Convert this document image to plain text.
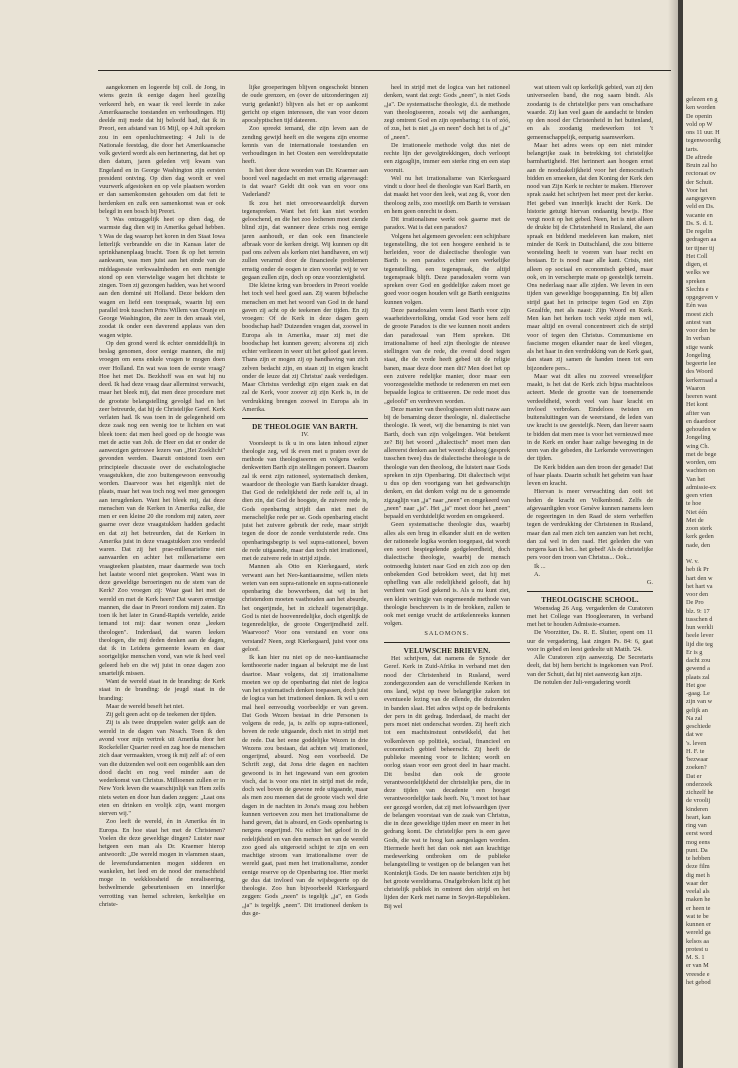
aangekomen en logeerde bij coll. de Jong, in wiens gezin ik eenige dagen heel gezellig verkeerd heb, en waar ik veel leerde in zake Amerikaansche toestanden en verhoudingen. Hij deelde mij mede dat hij beloofd had, dat ik in Preori, een afstand van 16 Mijl, op 4 Juli spreken zou in een openluchtmeeting: 4 Juli is de Nationale feestdag, die door het Amerikaansche volk gevierd wordt als een herinnering, dat het op dien datum, jaren geleden vrij kwam van Engeland en in George Washington zijn eersten president ontving. Op dien dag wordt er veel vuurwerk afgestoken en op vele plaatsen worden er dan samenkomsten gehouden om dat feit te herdenken en zulk een samenkomst was er ook belegd in een bosch bij Preori.

't Was ontzaggelijk heet op dien dag, de warmste dag dien wij in Amerika gehad hebben. 't Was de dag waarop het koren in den Staat Iowa letterlijk verbrandde en die in Kansas later de sprinkhanenplaag bracht. Toen ik op het terrein aankwam, was men juist aan het einde van de middagsessie verkwaalmheden en een menigte stond op een vierwielige wagen het dichtste te zingen. Toen zij gezongen hadden, was het woord aan den dominé uit Holland. Deze bekken den wagen en liefd een toespraak, waarin hij een parallel trok tusschen Prins Willem van Oranje en George Washington, die zeer in den smaak viel, zoodat ik onder een daverend applaus van den wagen wipte.

Op den grond werd ik echter onmiddellijk in beslag genomen, door eenige mannen, die mij vroegen om eens enkele vragen te mogen doen over Holland. En wat was toen de eerste vraag? Hoe het met Ds. Bezkhoff was en wat hij nu deed. Ik had deze vraag daar allerminst verwacht, maar het bleek mij, dat men deze procedure met de grootste belangstelling gevolgd had en het zeer betreurde, dat hij de Christelijke Geref. Kerk verlaten had. Ik was toen in de gelegenheid om deze zaak nog een wenig toe te lichten en wat bleek toen: dat men heel goed op de hoogte was met de actie van Joh. de Heer en dat er onder de aanwezigen getrouwe lezers van „Het Zoeklicht" gevonden werden. Daaruit ontstond toen een principieele discussie over de eschatologische vraagstukken, die zoo buitengewoon eenvoudig worden. Daarvoor was het eigenlijk niet de plaats, maar het was toch nog wel mee genoegen aan terugdenken. Want het bleek mij, dat deze menschen van de Kerken in Amerika zulke, die men er een kleine 20 die rondom mij zaten, zeer gaarne over deze vraagstukken hadden gedacht en dat zij het betreurden, dat de Kerken in Amerika juist in deze vraagstukken zoo verdeeld waren. Dat zij het prae-millenaristine niet aanvaarden en achter het millenarisme een vraagteeken plaatsten, maar daarmede was toch het laatste woord niet gesproken. Want was in deze geweldige beroeringen nu de stem van de Kerk? Zoo vroegen zij: Waar gaat het met de wereld en met de Kerk heen? Dat waren ernstige mannen, die daar in Preori rondom mij zaten. En toen ik het later in Grand-Rapids vertelde, zeide iemand tot mij: daar wonen onze „leeken theologen". Inderdaad, dat waren leeken theologen, die mij deden denken aan de dagen, dat ik in Leidens gemeente kwam en daar soortgelijke menschen vond, van wie ik heel veel geleerd heb en die wij juist in onze dagen zoo smartelijk missen.

Want de wereld staat in de branding: de Kerk staat in de branding: de jeugd staat in de branding:

Maar de wereld beseft het niet.

Zij gelt geen acht op de teekenen der tijden.

Zij is als twee druppelen water gelijk aan de wereld in de dagen van Noach. Toen ik den avond voor mijn vertrek uit Amerika door het Rockefeller Quarter reed en zag hoe de menschen zich daar vermaakten, vroeg ik mij zelf af: of een van die duizenden wel ooit een oogenblik aan den dood dacht en nog veel minder aan de wederkomst van Christus. Millioenen zullen er in New York leven die waarschijnlijk van Hem zelfs niets weten en door hun daden zeggen: „Laat ons eten en drinken en vrolijk zijn, want morgen sterven wij."

Zoo leeft de wereld, én in Amerika én in Europa. En hoe staat het met de Christenen? Voelen die deze geweldige dingen? Luister naar hetgeen een man als Dr. Kraemer hierop antwoordt: „De wereld mogen in vlammen staan, de levensfundamenten mogen sidderen en wankelen, het leed en de nood der menschheid moge in wekkloosheid de noraliseering, bedwelmende gebeurtenissen en innerlijke verrotting van hemel schreien, kerkelijke en christe-

lijke groeperingen blijven ongeschokt binnen de oude grenzen, en (over de uitzonderingen zij vurig gedankt!) blijven als het er op aankomt gericht op eigen interessen, die van voor dezen apocalyptischen tijd dateeren.

Zoo spreekt iemand, die zijn leven aan de zending gewijd heeft en die wegens zijn enorme kennis van de internationale toestanden en verhoudingen in het Oosten een wereldreputatie heeft.

Is het door deze woorden van Dr. Kraemer aan boord veel nagedacht en met ernstig afgevraagd: is dat waar? Geldt dit ook van en voor ons Vaderland?

Ik zou het niet onvoorwaardelijk durven tegenspreken. Want het feit kan niet worden geloochend, en die het zoo lochenen moet ziende blind zijn, dat wanneer deze crisis nog eenige jaren aanhoudt, er dan ook een financieele afbraak voor de kerken dreigt. Wij kunnen op dit pad ons zelven als kerken niet handhaven, en wij zullen verarmd door de financieele problemen ernstig onder de oogen te zien voordat wij te ver gegaan zullen zijn, doch op onze voorzienigheid.

Die kleine kring van broeders in Preori voelde het toch wel heel goed aan. Zij waren bijbelsche menschen en met het woord van God in de hand gaven zij acht op de teekenen der tijden. En zij vroegen: Of de Kerk in deze dagen geen boodschap had? Duizenden vragen dat, zoowel in Europa als in Amerika, maar zij met die boodschap het kunnen geven; alvorens zij zich echter verliezen in weer uit het geloof gaat leven. Thans zijn er mogen zij op handhaving van zich zelven bedacht zijn, en staan zij in eigen kracht onder de leuze dat zij Christus' zaak verdedigen. Maar Christus verdedigt zijn eigen zaak en dat zal de Kerk, voor zoover zij zijn Kerk is, in de verdrukking brengen zoowel in Europa als in Amerika.

DE THEOLOGIE VAN BARTH.

IV.

Voorsleept is ik u in ons laten inhoud zijner theologie zeg, wil ik even met u praten over de methode van theologiseeren en volgens welke denkwetten Barth zijn stellingen poneert. Daarom zal ik eerst zijn rationeel, systematisch denken, waardoor de theologie van Barth karakter draagt. Dat God de redelijkheid der rede zelf is, al in dien zin, dat God de hoogste, de zuivere rede is, Gods openbaring strijdt dan niet met de menschelijke rede per se. Gods openbaring eischt juist het zuivere gebruik der rede, maar strijdt tegen de door de zonde verduisterde rede. Ons openbaringsbegrip is wel supra-rationeel, boven de rede uitgaande, maar dan toch niet irrationeel, met de zuivere rede in strijd zijnde.

Mannen als Otto en Kierkegaard, sterk verwant aan het Neo-kantiaansime, willen niets weten van een supra-rationele en supra-rationeele openbaring die bowverbeen, dat wij in het christendom moeten vasthouden aan het absurde, het ongerijmde, het in zichzelf tegenstrijdige. God is niet de hoovenredelijke, doch eigenlijk de tegenredelijke, de groote Ongerijmdheid zelf. Waarvoor? Voor ons verstand en voor ons verstand? Neen, zegt Kierkegaard, juist voor ons geloof.

Ik kan hier nu niet op de neo-kantiaansche kenthoeorie nader ingaan al bekruipt me de lust daartoe. Maar volgens, dat zij irrationalisme moeten we op de openbaring dat niet de logica van het systematisch denken toepassen, doch juist de logica van het irrationeel denken. Ik wil u een mal heel eenvoudig voorbeeldje er van geven. Dat Gods Wezen bestaat in drie Personen is volgens de rede, ja, is zelfs op supra-rationeel, boven de rede uitgaande, doch niet in strijd met de rede. Dat het eene goddelijke Wezen in drie Wezens zou bestaan, dat achten wij irrationeel, ongerijmd, absurd. Nog een voorbeeld. De Schrift zegt, dat Jona drie dagen en nachten gewoond is in het ingewand van een grooten visch, dat is voor ons niet in strijd met de rede, doch wel boven de gewone rede uitgaande, maar als men zou meenen dat de groote visch wel drie dagen in de nachten in Jona's maag zou hebben kunnen vertoeven zou men het irrationalisme de hand geven, dat is absurd, en Gods openbaring is nergens ongerijmd. Nu echter het geloof in de redelijkheid en van den mensch en van de wereld zoo goed als uitgeroeid schijnt te zijn en een machtige stroom van irrationalisme over de wereld gaat, past men het irrationalisme, zonder eenige reserve op de Openbaring toe. Hier merkt ge dus dat invloed van de wijsbegeerte op de theologie. Zoo hun bijvoorbeeld Kierkegaard zeggen: Gods „neen" is tegelijk „ja", en Gods „ja" is tegelijk „neen". Dit irrationeel denken is dus ge-

heel in strijd met de logica van het rationeel denken, want dat zegt: Gods „neen", is niet Gods „ja". De systematische theologie, d.i. de methode van theologiseeren, zooals wij die aanhangen, zegt omtrent God en zijn openbaring: t is of zóó, of zus, het is niet „ja en neen" doch het is of „ja" of „neen".

De irrationeele methode volgt dus niet de rechte lijn der gevolgtrekkingen, doch verloopt een zigzaglijn, immer een sterke ring en een stap vooruit.

Wel nu het irrationalisme van Kierkegaard vindt u door heel de theologie van Karl Barth, en dat maakt het voor den leek, wat zeg ik, voor den theoloog zelfs, zoo moeilijk om Barth te verstaan en hem geen onrecht te doen.

Dit irrationalisme werkt ook gaarne met de paradox. Wat is dat een paradox?

Volgens het algemeen gevoelen: een schijnbare tegenstelling, die tot een hoogere eenheid is te herleiden, voor de dialectische theologie van Barth is een paradox echter een werkelijke tegenstelling, een tegenspraak, die altijd tegenspraak blijft. Deze paradoxalen vorm van spreken over God en goddelijke zaken moet ge goed voor oogen houden wilt ge Barth eenigszins kunnen volgen.

Deze paradoxalen vorm leest Barth voor zijn waarheidsvertolking, omdat God voor hem zelf de groote Paradox is die we kunnen nooit anders dan paradoxaal van Hem spreken. Dit irrationalisme of heel zijn theologie de nieuwe stellingen van de rede, die overal dood tegen staat, die de vrede heeft gebed uit de religie banen, maar deze door men dit? Men doet het op een zuivere redelijke manier, door maar een voorzegesteldie methode te redeneren en met een bepaalde logica te critiseeren. De rede moet dus „geloofd" en verdreven worden.

Deze manier van theologiseeren sluit nauw aan bij de benaming dezer theologie, nl. dialectische theologie. Ik weet, wij die benaming is niet van Barth, doch van zijn volgelingen. Wat betekent ze? Bij het woord „dialectisch" moet men dan allereerst denken aan het woord: dialoog (gesprek tusschen twee) dus de dialectische theologie is de theologie van den theoloog, die luistert naar Gods spreken in zijn Openbaring. Dit dialectisch wijst u dus op den voortgang van het gedwarschijn denken, en dat denken volgt nu de u genoemde zigzaglijn van „ja" naar „neen" en omgekeerd van „neen" naar „ja". Het „ja" moet door het „neen" bepaald en verduidelijkt worden en omgekeerd.

Geen systematische theologie dus, waarbij alles als een brug in elkander sluit en de wetten der rationeele logika worden toegepast, dat wordt een soort bespiegelende godgeleerdheid, doch dialectische theologie, waarbij de mensch ootmoedig luistert naar God en zich zoo op den onbekenden God betrokken weet, dat hij met ophefling van alle redelijkheid gelooft, dat hij verdient van God gekend is. Als u nu kunt ziet, een klein weinigje van ongemeende methode van theologie beschreven is in de brokken, zullen te ook met eenige vrucht de artikelenreeks kunnen volgen.

SALOMONS.

VELUWSCHE BRIEVEN.

Het schrijven, dat namens de Synode der Geref. Kerk in Zuid-Afrika in verband met den nood der Christenheid in Rusland, werd zondergezonden aan de verschillende Kerken in ons land, wijst op twee belangrijke zaken tot eventueele lezing van de ellende, die duizenden in banden slaat. Het adres wijst op de bedrukenis der pers in dit gedrag. Inderdaad, de macht der pers moet niet onderschat worden. Zij heeft zich tot een machtsinstuut ontwikkeld, dat het volkenleven op politiek, sociaal, financieel en economisch gebied beheerscht. Zij heeft de publieke meening voor te lichten; wordt en oorlog staan voor een groot deel in haar macht. Dit beslist dan ook de groote verantwoordelijkheid der christelijke pers, die in deze tijden van decadente een hooget verantwoordelijke taak heeft. Nu, 't moet tot haar eer gezegd worden, dat zij met lofwaardigen ijver de belangen voorstaat van de zaak van Christus, die in deze geweldige tijden meer en meer in het gedrang komt. De christelijke pers is een gave Gods, die wat te hoog kan aangeslagen worden. Hiermede heeft het dan ook niet aan krachtige medewerking ontbroken om de publieke belangstelling te vestigen op de belangen van het Koninkrijk Gods. De ten naaste berichten zijn bij het groote wereldrama. Onafgebroken licht zij het christelijk publiek in omtrent den strijd en het lijden der Kerk met name in Sovjet-Republieken. Bij wel

wat uiteen valt op kerkelijk gebied, van zij den universeelen band, die nog saam bindt. Als zoodanig is de christelijke pers van onschatbare waarde. Zij kan veel gaan de aandacht te binden op den nood der Christenheid in het buitenland, en als zoodanig medewerken tot 't gemeenschappelijk, eenparig saamwerken.

Maar het adres wees op een niet minder belangrijke zaak in betrekking tot christelijke barmhartigheid. Het herinnert aan hoogen ernst aan de noodzakelijkheid voor het democratisch bidden en smeeken, dat den Koning der Kerk den nood van Zijn Kerk te rechter te maken. Hierover sprak zaakt het schrijven het meer pret der kerke. Het gebed van innerlijk kracht der Kerk. De historie getuigt hiervan ondaantig bewijs. Hoe vergt nooit op het gebed. Neen, het is niet alleen de drukte bij de Christenheid in Rusland, die aan spraak en biddend medeleven kan maken, niet minder de Kerk in Duitschland, die zou bitterre worsteling heeft te voeren van haar recht en bestaan. Er is nood naar alle kant. Crisis, niet alleen op sociaal en economisch gebied, maar ook, en in verscherpte mate op geestelijk terrein. Ons nederlaag naar alle zijden. We leven in een tijden van geweldige boogspanning. En bij allen strijd gaat het in principe tegen God en Zijn Gezalfde, met als naast: Zijn Woord en Kerk. Men kan het herken toch wekt zijde men wil, maar altijd en overal concentreert zich de strijd voor of tegen den Christus. Communisme en fascisme mogen elkander naar de keel vliegen, als het haar in den verdrukking van de Kerk gaat, dan staan zij samen de handen ineen tot een bijzondere pers...

Maar wat dit alles nu zooveel vreeselijker maakt, is het dat de Kerk zich bijna machteloos acteert. Mede de grootte van de toenemende verdeeldheid, wordt veel van haar kracht en invloed verbroken. Eindeloos twisten en buitensluitingen van de weerstand, de leden van uw kracht is uw geestelijk. Neen, dan liever saam te bidden dat men mee is voor het vernieuwd mee in de Kerk en onder haar zalige beweging in de uren van die gebeden, die Lerkende veroveringen der tijden.

De Kerk bidden aan den troon der genade! Dat of haar plaats. Daarin schuilt het geheim van haar leven en kracht.

Hiervan is meer verwachting dan ooit tot heden de kracht en Volkenbond. Zelfs de afgevaardigden voor Genève kunnen namens leen de regeeringen in den Raad de stem verheffen tegen de verdrukking der Christenen in Rusland, maar dan zal men zich ten aanzien van het recht, dan zal wel in den raad. Het geleden die van nergens kan ik het... het gebed! Als de christelijke pers voor den troon van Christus... Ook...

Ik ...

A.

G.

THEOLOGISCHE SCHOOL.

Woensdag 26 Aug. vergaderden de Curatoren met het College van Hoogleeraren, in verband met het te houden Admissie-examen.

De Voorzitter, Ds. R. E. Sluiter, opent om 11 uur de vergadering, laat zingen Ps. 84: 6, gaat voor in gebed en leest gedeelte uit Matth. '24.

Alle Curatoren zijn aanwezig. De Secretaris deelt, dat bij hem bericht is ingekomen van Prof. van der Schuit, dat hij niet aanwezig kan zijn.

De notulen der Juli-vergadering wordt

gelezen en g
ken worden
De openin
vold op W
ons 11 uur. H
tegenwoordig
tarts.
De aftrede
Bruin zal ho
rectoraat ov
der Schuit.
Voor het
aangegeven
veld en Ds.
vacante en
Ds. S. d. L
De regelin
gedragen aa
ter tijner tij
Het Coll
digen, ei
welks we
spreken
Slechts e
opgegeven v
Eén was
moest zich
antest van
voor den be
In verban
stige wank
Jongeling
begeerte lee
des Woord
kerkerraad a
Waaron
heeren want
Het kont
afiter van
en daardoor
gehouden w
Jongeling
wing Ch.
met de bege
worden, om
wachten on
Van het
admissie-ex
geen vrien
te hoe
Niet één
Met de
zoon sterk
kerk geden
nade, den
W. v.
heb ik Pr
hart den w
het hart va
voor den
De Pro
blz. 9: 17
tusschen d
hun werkli
heele lever
lijd die teg
Er is g
dacht zou
gewend a
plaats zal
Het goe
-gaag. Le
zijn van w
gelijk an
Na zal
geschiede
dat we
's. leven
H. F. te
'bezwaar
zoeken?
Dat er
onderzoek
zichzelf he
de vroolij
kinderen
heart, kan
ring van
eerst word
mog eens
punt. Da
te hebben
deze film
dig met h
waar der
veelal als
maken he
er heen te
wat te be
kunnen er
wereld ga
kelsos aa
protest u
M. S. 1
er van M
vreesde e
het gebod
